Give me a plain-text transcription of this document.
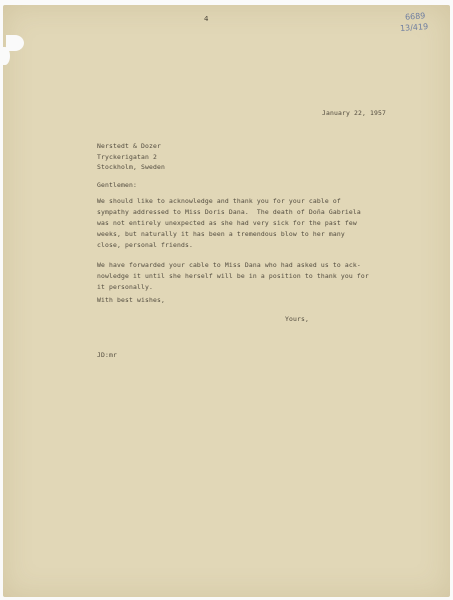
4	6689
13/419

January 22, 1957

Nerstedt & Dozer

Tryckerigatan 2

Stockholm, Sweden

Gentlemen:

We should like to acknowledge and thank you for your cable of
sympathy addressed to Miss Doris Dana.  The death of Doña Gabriela
was not entirely unexpected as she had very sick for the past few
weeks, but naturally it has been a tremendous blow to her many
close, personal friends.

We have forwarded your cable to Miss Dana who had asked us to ack-
nowledge it until she herself will be in a position to thank you for
it personally.

With best wishes,

Yours,

JD:mr
